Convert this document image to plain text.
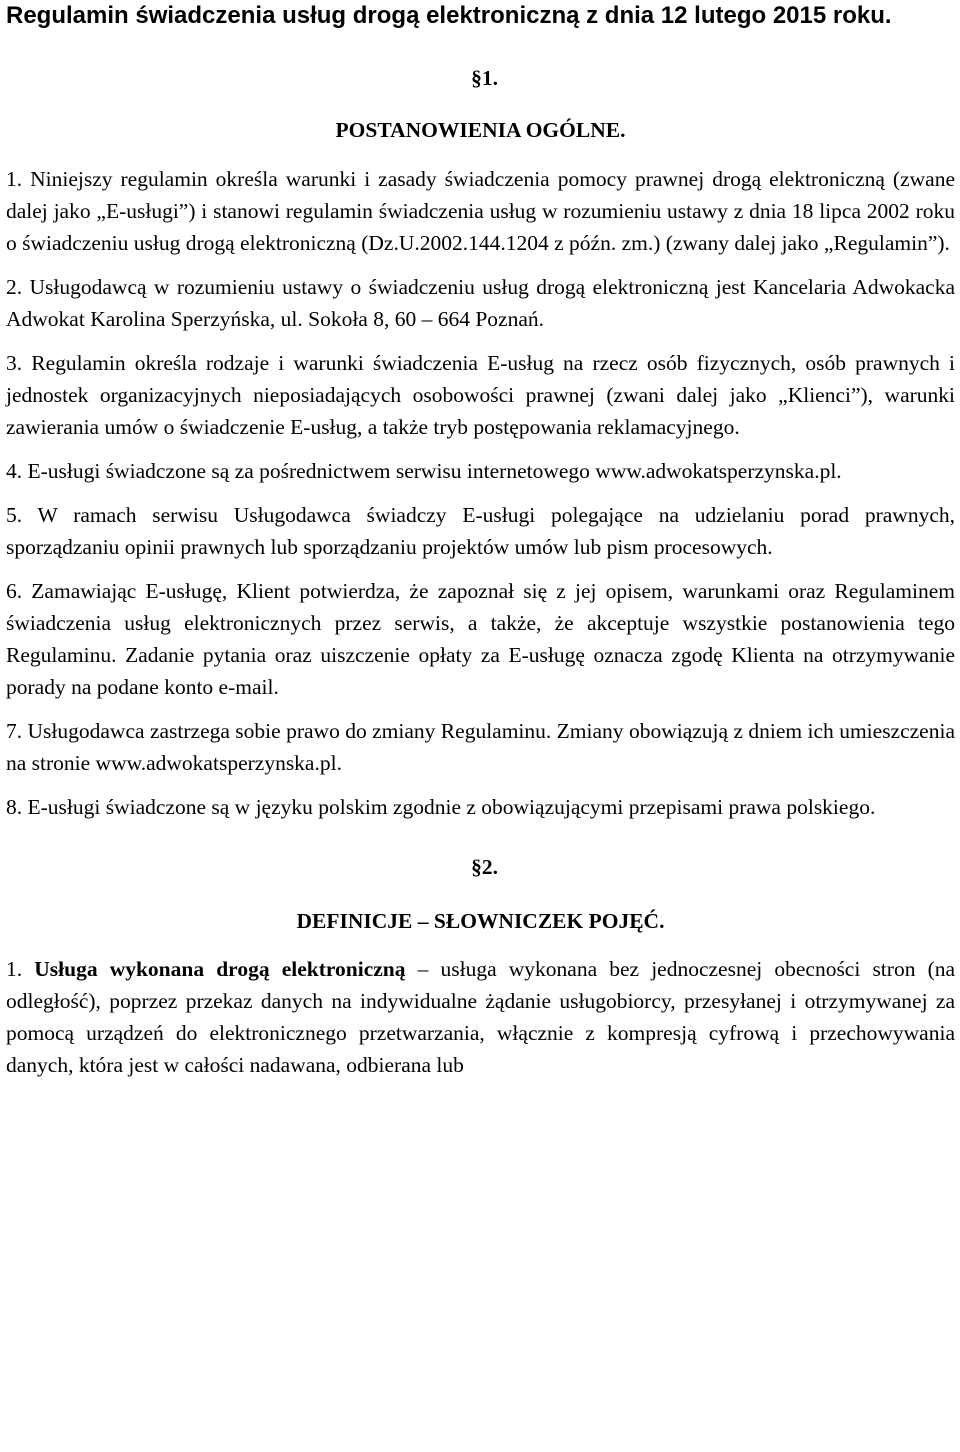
Regulamin świadczenia usług drogą elektroniczną z dnia 12 lutego 2015 roku.

§1.

POSTANOWIENIA OGÓLNE.

1. Niniejszy regulamin określa warunki i zasady świadczenia pomocy prawnej drogą elektroniczną (zwane dalej jako „E-usługi”) i stanowi regulamin świadczenia usług w rozumieniu ustawy z dnia 18 lipca 2002 roku o świadczeniu usług drogą elektroniczną (Dz.U.2002.144.1204 z późn. zm.) (zwany dalej jako „Regulamin”).

2. Usługodawcą w rozumieniu ustawy o świadczeniu usług drogą elektroniczną jest Kancelaria Adwokacka Adwokat Karolina Sperzyńska, ul. Sokoła 8, 60 – 664 Poznań.

3. Regulamin określa rodzaje i warunki świadczenia E-usług na rzecz osób fizycznych, osób prawnych i jednostek organizacyjnych nieposiadających osobowości prawnej (zwani dalej jako „Klienci”), warunki zawierania umów o świadczenie E-usług, a także tryb postępowania reklamacyjnego.

4. E-usługi świadczone są za pośrednictwem serwisu internetowego www.adwokatsperzynska.pl.

5. W ramach serwisu Usługodawca świadczy E-usługi polegające na udzielaniu porad prawnych, sporządzaniu opinii prawnych lub sporządzaniu projektów umów lub pism procesowych.

6. Zamawiając E-usługę, Klient potwierdza, że zapoznał się z jej opisem, warunkami oraz Regulaminem świadczenia usług elektronicznych przez serwis, a także, że akceptuje wszystkie postanowienia tego Regulaminu. Zadanie pytania oraz uiszczenie opłaty za E-usługę oznacza zgodę Klienta na otrzymywanie porady na podane konto e-mail.

7. Usługodawca zastrzega sobie prawo do zmiany Regulaminu. Zmiany obowiązują z dniem ich umieszczenia na stronie www.adwokatsperzynska.pl.

8. E-usługi świadczone są w języku polskim zgodnie z obowiązującymi przepisami prawa polskiego.

§2.

DEFINICJE – SŁOWNICZEK POJĘĆ.

1. Usługa wykonana drogą elektroniczną – usługa wykonana bez jednoczesnej obecności stron (na odległość), poprzez przekaz danych na indywidualne żądanie usługobiorcy, przesyłanej i otrzymywanej za pomocą urządzeń do elektronicznego przetwarzania, włącznie z kompresją cyfrową i przechowywania danych, która jest w całości nadawana, odbierana lub
